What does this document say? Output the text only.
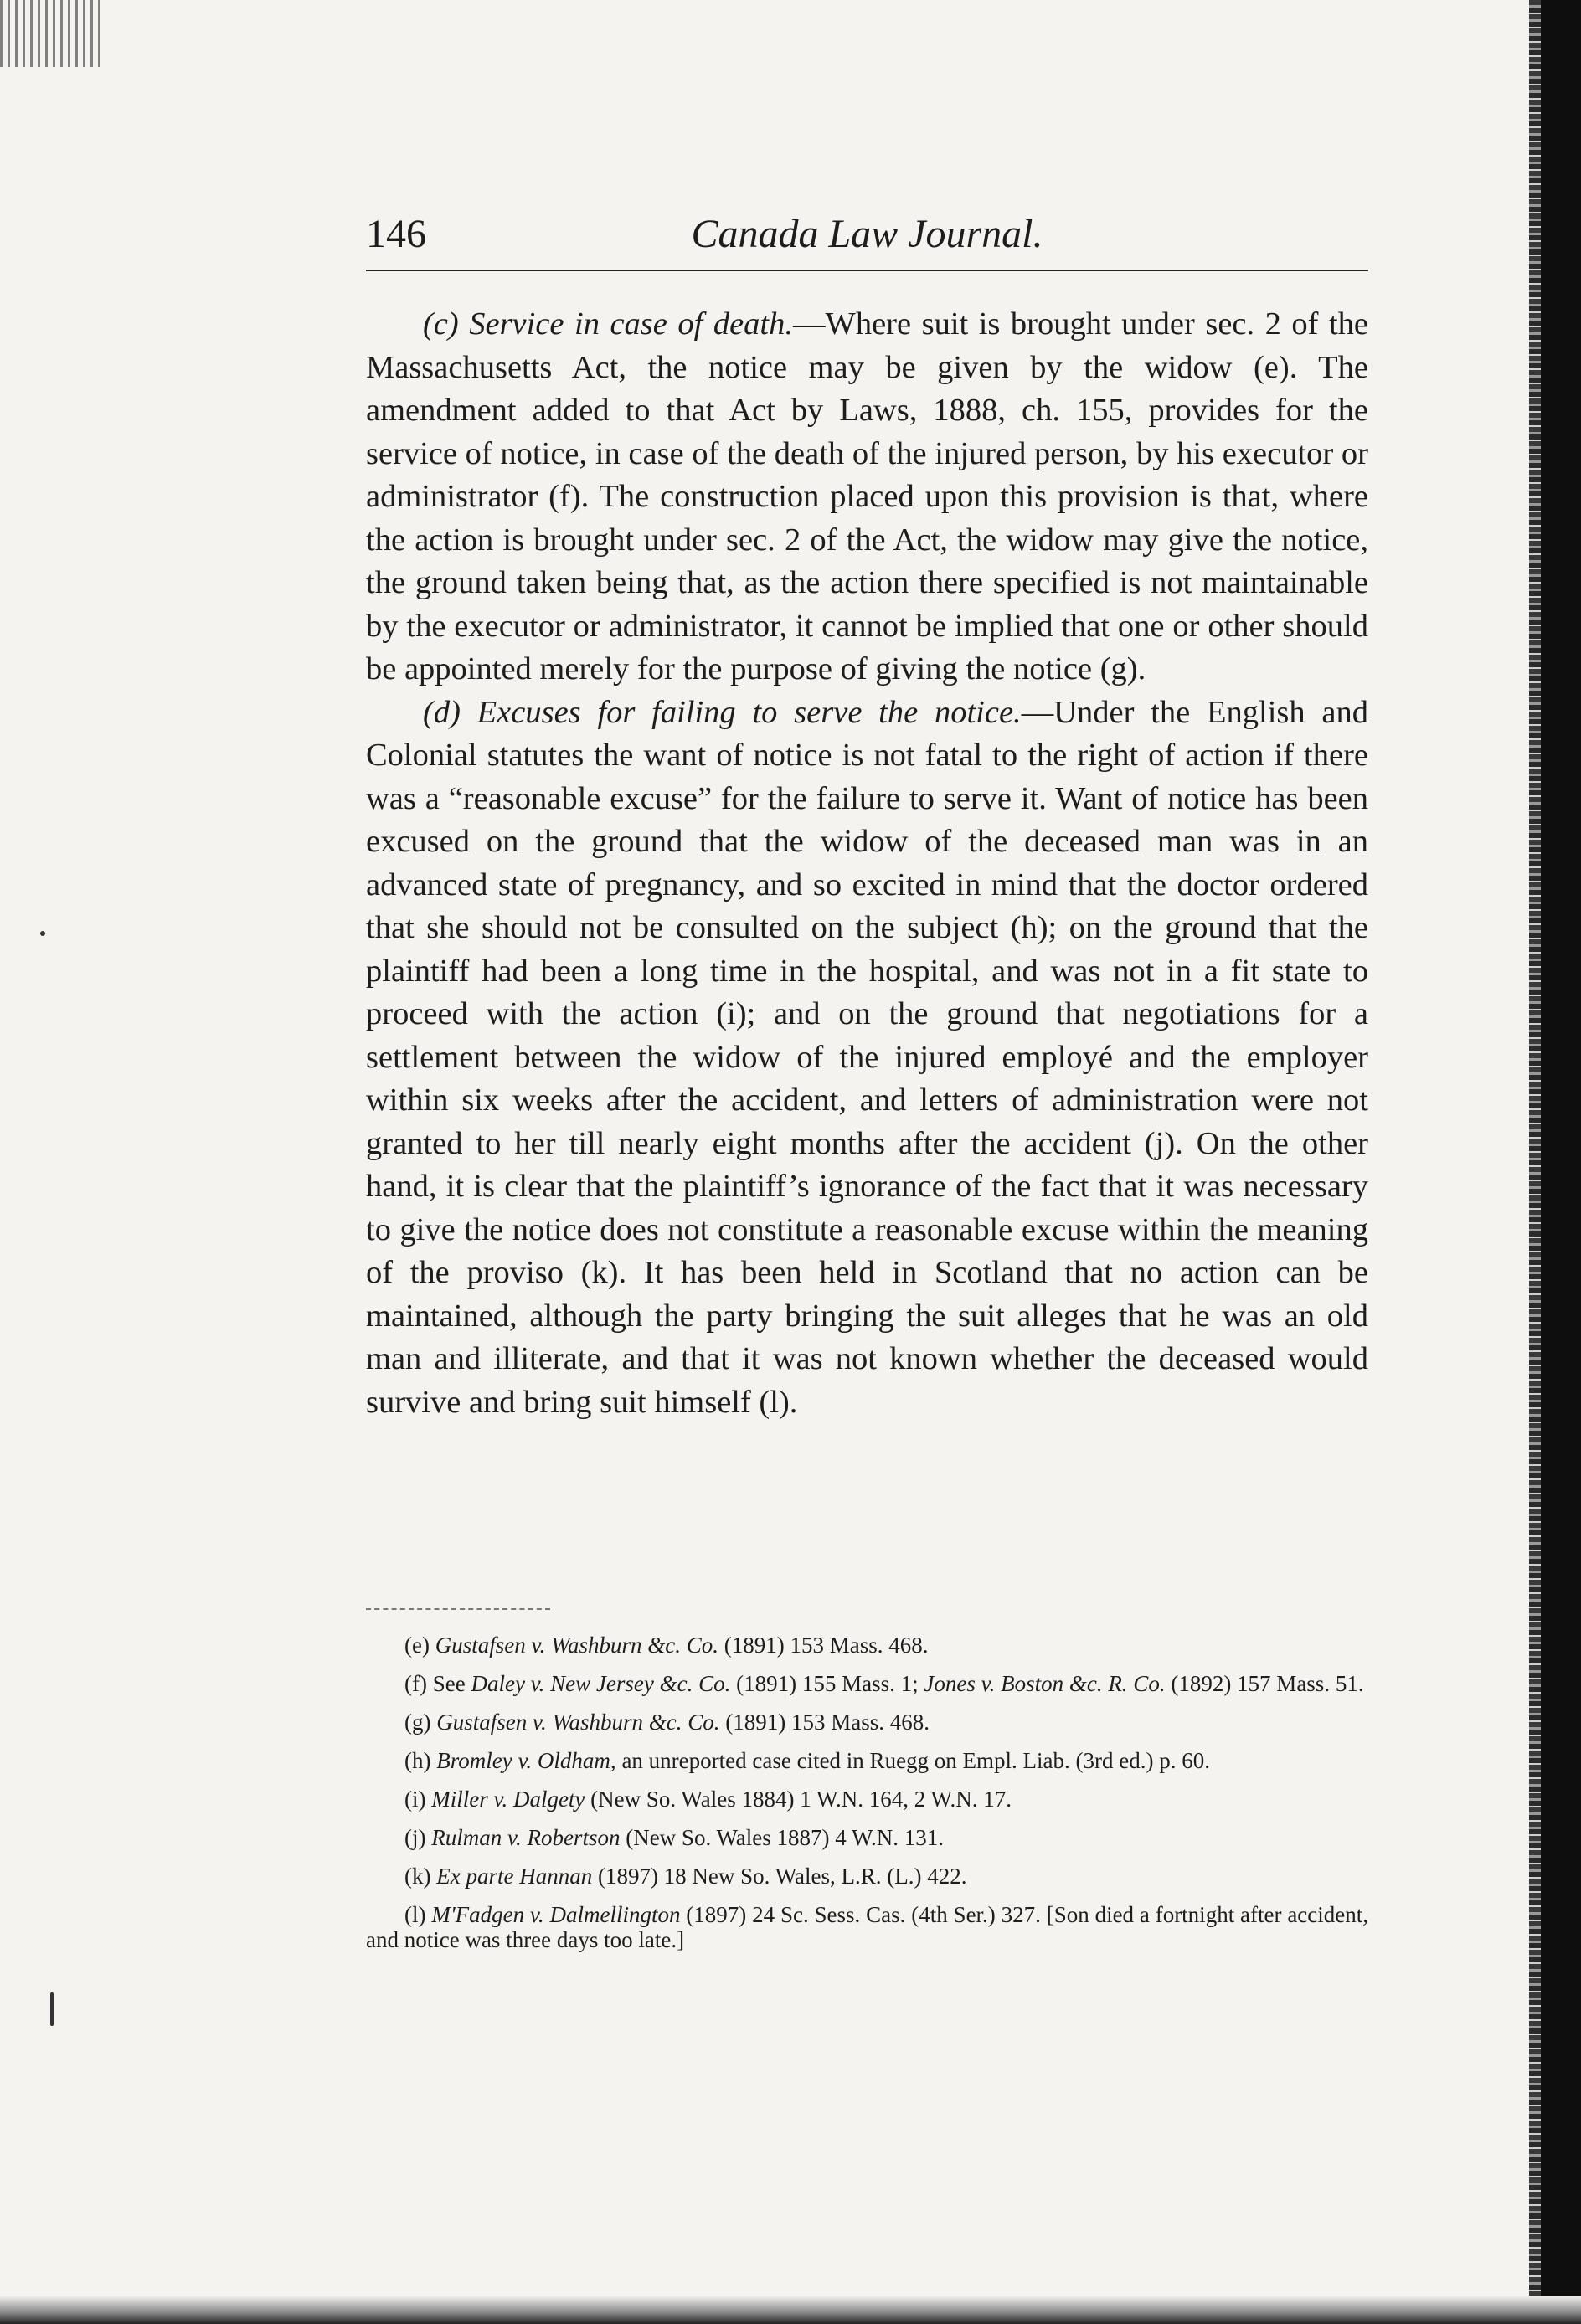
146	Canada Law Journal.

(c) Service in case of death.—Where suit is brought under sec. 2 of the Massachusetts Act, the notice may be given by the widow (e). The amendment added to that Act by Laws, 1888, ch. 155, provides for the service of notice, in case of the death of the injured person, by his executor or administrator (f). The construction placed upon this provision is that, where the action is brought under sec. 2 of the Act, the widow may give the notice, the ground taken being that, as the action there specified is not maintainable by the executor or administrator, it cannot be implied that one or other should be appointed merely for the purpose of giving the notice (g).

(d) Excuses for failing to serve the notice.—Under the English and Colonial statutes the want of notice is not fatal to the right of action if there was a “reasonable excuse” for the failure to serve it. Want of notice has been excused on the ground that the widow of the deceased man was in an advanced state of pregnancy, and so excited in mind that the doctor ordered that she should not be consulted on the subject (h); on the ground that the plaintiff had been a long time in the hospital, and was not in a fit state to proceed with the action (i); and on the ground that negotiations for a settlement between the widow of the injured employé and the employer within six weeks after the accident, and letters of administration were not granted to her till nearly eight months after the accident (j). On the other hand, it is clear that the plaintiff’s ignorance of the fact that it was necessary to give the notice does not constitute a reasonable excuse within the meaning of the proviso (k). It has been held in Scotland that no action can be maintained, although the party bringing the suit alleges that he was an old man and illiterate, and that it was not known whether the deceased would survive and bring suit himself (l).

(e) Gustafsen v. Washburn &c. Co. (1891) 153 Mass. 468.

(f) See Daley v. New Jersey &c. Co. (1891) 155 Mass. 1; Jones v. Boston &c. R. Co. (1892) 157 Mass. 51.

(g) Gustafsen v. Washburn &c. Co. (1891) 153 Mass. 468.

(h) Bromley v. Oldham, an unreported case cited in Ruegg on Empl. Liab. (3rd ed.) p. 60.

(i) Miller v. Dalgety (New So. Wales 1884) 1 W.N. 164, 2 W.N. 17.

(j) Rulman v. Robertson (New So. Wales 1887) 4 W.N. 131.

(k) Ex parte Hannan (1897) 18 New So. Wales, L.R. (L.) 422.

(l) M'Fadgen v. Dalmellington (1897) 24 Sc. Sess. Cas. (4th Ser.) 327. [Son died a fortnight after accident, and notice was three days too late.]
